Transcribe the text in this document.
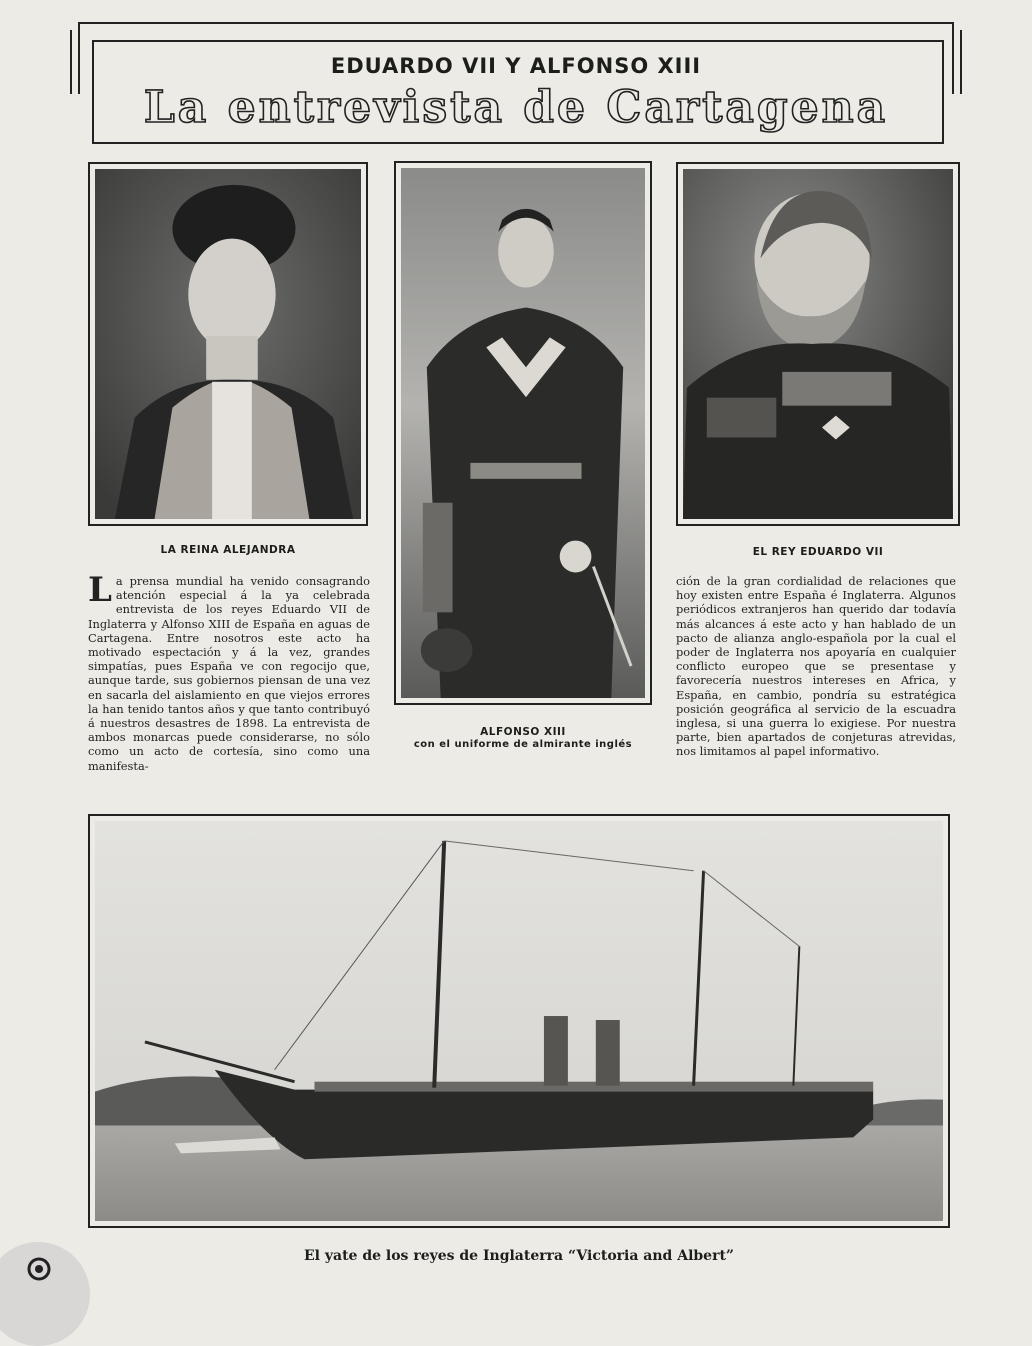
EDUARDO VII Y ALFONSO XIII
La entrevista de Cartagena
LA REINA ALEJANDRA
ALFONSO XIII
con el uniforme de almirante inglés
EL REY EDUARDO VII
La prensa mundial ha venido consagrando atención especial á la ya celebrada entrevista de los reyes Eduardo VII de Inglaterra y Alfonso XIII de España en aguas de Cartagena. Entre nosotros este acto ha motivado espectación y á la vez, grandes simpatías, pues España ve con regocijo que, aunque tarde, sus gobiernos piensan de una vez en sacarla del aislamiento en que viejos errores la han tenido tantos años y que tanto contribuyó á nuestros desastres de 1898. La entrevista de ambos monarcas puede considerarse, no sólo como un acto de cortesía, sino como una manifesta-
ción de la gran cordialidad de relaciones que hoy existen entre España é Inglaterra. Algunos periódicos extranjeros han querido dar todavía más alcances á este acto y han hablado de un pacto de alianza anglo-española por la cual el poder de Inglaterra nos apoyaría en cualquier conflicto europeo que se presentase y favorecería nuestros intereses en Africa, y España, en cambio, pondría su estratégica posición geográfica al servicio de la escuadra inglesa, si una guerra lo exigiese. Por nuestra parte, bien apartados de conjeturas atrevidas, nos limitamos al papel informativo.
El yate de los reyes de Inglaterra “Victoria and Albert”
